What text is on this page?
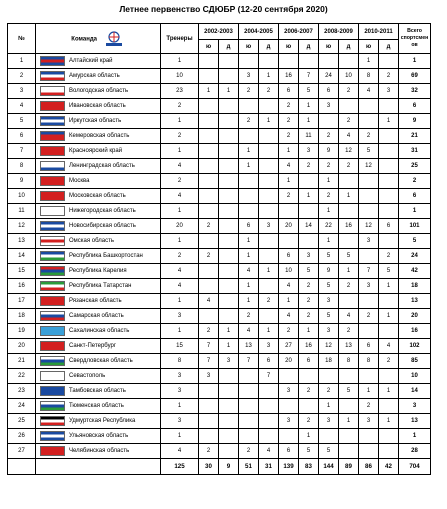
Летнее первенство СДЮБР (12-20 сентября 2020)
№	Команда	Тренеры	2002-2003		2004-2005		2006-2007		2008-2009		2010-2011		Всего спортсмен ов
			ю	д	ю	д	ю	д	ю	д	ю	д	
1	Алтайский край	1									1		1
2	Амурская область	10			3	1	16	7	24	10	8	2	69
3	Вологодская область	23	1	1	2	2	6	5	6	2	4	3	32
4	Ивановская область	2					2	1	3				6
5	Иркутская область	1			2	1	2	1		2		1	9
6	Кемеровская область	2					2	11	2	4	2		21
7	Красноярский край	1			1		1	3	9	12	5		31
8	Ленинградская область	4			1		4	2	2	2	12		25
9	Москва	2					1		1				2
10	Московская область	4					2	1	2	1			6
11	Нижегородская область	1							1				1
12	Новосибирская область	20	2		6	3	20	14	22	16	12	6	101
13	Омская область	1			1				1		3		5
14	Республика Башкортостан	2	2		1		6	3	5	5		2	24
15	Республика Карелия	4			4	1	10	5	9	1	7	5	42
16	Республика Татарстан	4			1		4	2	5	2	3	1	18
17	Рязанская область	1	4		1	2	1	2	3				13
18	Самарская область	3			2		4	2	5	4	2	1	20
19	Сахалинская область	1	2	1	4	1	2	1	3	2			16
20	Санкт-Петербург	15	7	1	13	3	27	16	12	13	6	4	102
21	Свердловская область	8	7	3	7	6	20	6	18	8	8	2	85
22	Севастополь	3	3			7							10
23	Тамбовская область	3					3	2	2	5	1	1	14
24	Тюменская область	1							1		2		3
25	Удмуртская Республика	3					3	2	3	1	3	1	13
26	Ульяновская область	1						1					1
27	Челябинская область	4	2		2	4	6	5	5				28
		125	30	9	51	31	139	83	144	89	86	42	704
